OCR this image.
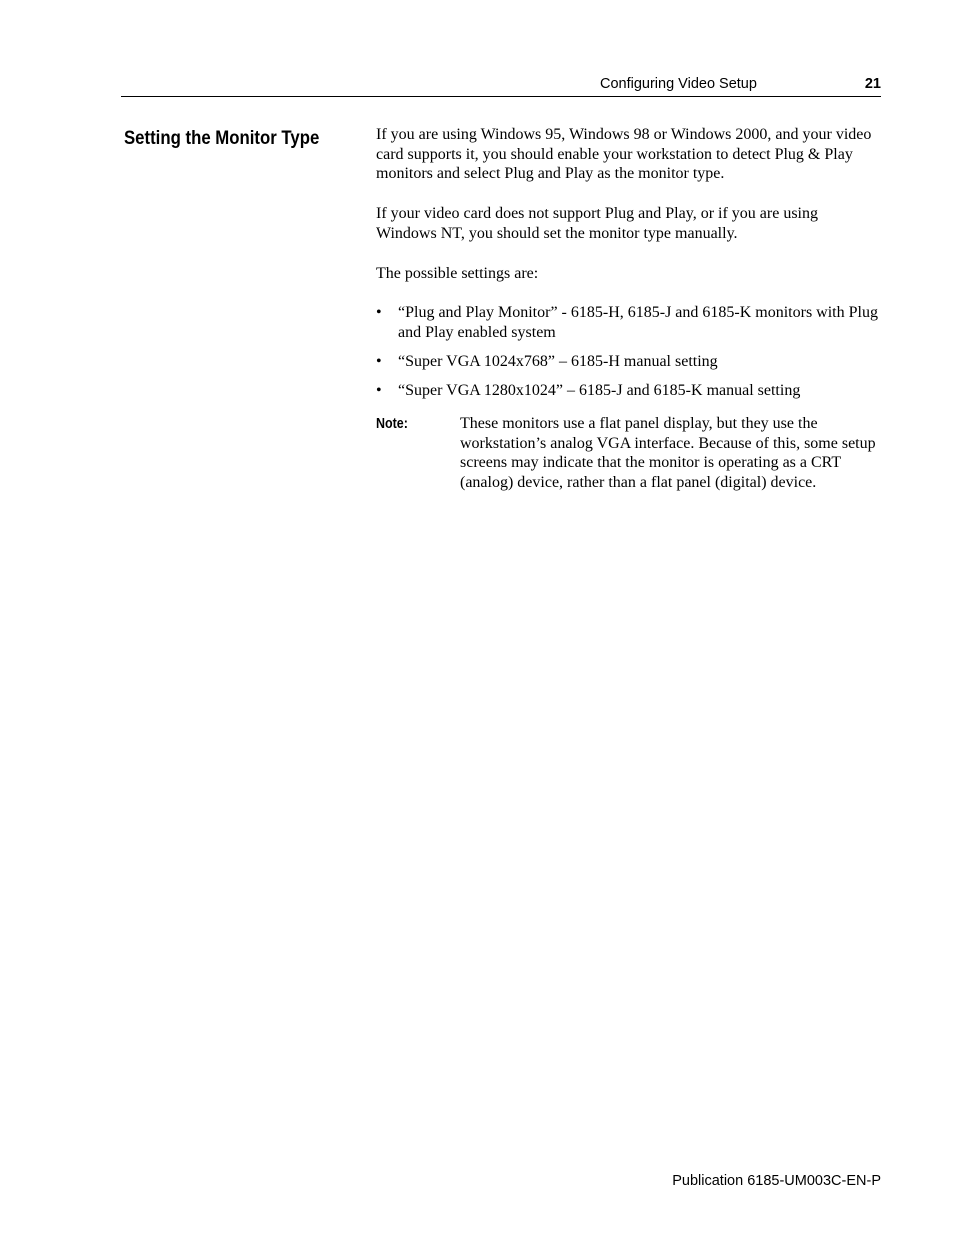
Configuring Video Setup	21
Setting the Monitor Type	If you are using Windows 95, Windows 98 or Windows 2000, and your video card supports it, you should enable your workstation to detect Plug & Play monitors and select Plug and Play as the monitor type.

If your video card does not support Plug and Play, or if you are using Windows NT, you should set the monitor type manually.

The possible settings are:

• “Plug and Play Monitor” - 6185-H, 6185-J and 6185-K monitors with Plug and Play enabled system
• “Super VGA 1024x768” – 6185-H manual setting
• “Super VGA 1280x1024” – 6185-J and 6185-K manual setting
Note:	These monitors use a flat panel display, but they use the workstation’s analog VGA interface. Because of this, some setup screens may indicate that the monitor is operating as a CRT (analog) device, rather than a flat panel (digital) device.
Publication 6185-UM003C-EN-P
